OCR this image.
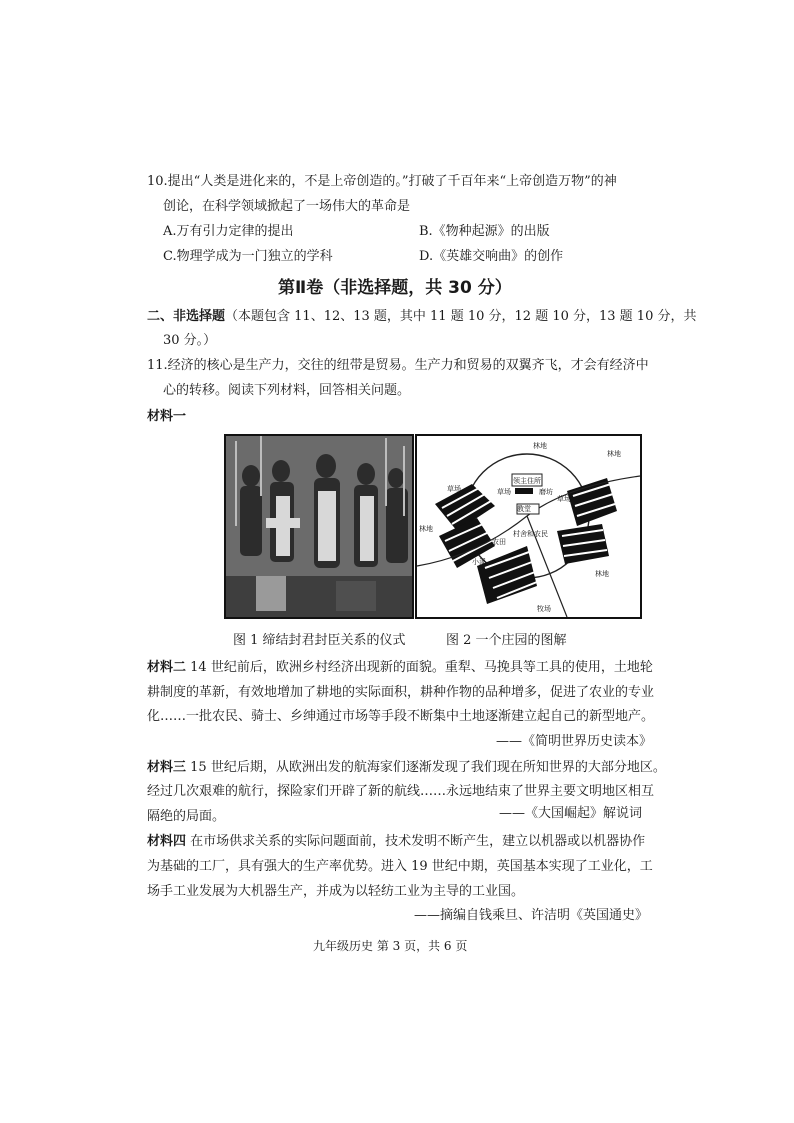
10.提出“人类是进化来的，不是上帝创造的。”打破了千百年来“上帝创造万物”的神
创论，在科学领域掀起了一场伟大的革命是
A.万有引力定律的提出	B.《物种起源》的出版
C.物理学成为一门独立的学科	D.《英雄交响曲》的创作
第Ⅱ卷（非选择题，共 30 分）
二、非选择题（本题包含 11、12、13 题，其中 11 题 10 分，12 题 10 分，13 题 10 分，共
30 分。）
11.经济的核心是生产力，交往的纽带是贸易。生产力和贸易的双翼齐飞，才会有经济中
心的转移。阅读下列材料，回答相关问题。
材料一
林地
林地
林地
林地
领主住所
教堂
草场	草场
草场
磨坊
村舍和农民
小溪
牧场
农田
图 1 缔结封君封臣关系的仪式	图 2 一个庄园的图解
材料二 14 世纪前后，欧洲乡村经济出现新的面貌。重犁、马挽具等工具的使用，土地轮
耕制度的革新，有效地增加了耕地的实际面积，耕种作物的品种增多，促进了农业的专业
化……一批农民、骑士、乡绅通过市场等手段不断集中土地逐渐建立起自己的新型地产。
——《简明世界历史读本》
材料三 15 世纪后期，从欧洲出发的航海家们逐渐发现了我们现在所知世界的大部分地区。
经过几次艰难的航行，探险家们开辟了新的航线……永远地结束了世界主要文明地区相互
隔绝的局面。	——《大国崛起》解说词
材料四 在市场供求关系的实际问题面前，技术发明不断产生，建立以机器或以机器协作
为基础的工厂，具有强大的生产率优势。进入 19 世纪中期，英国基本实现了工业化，工
场手工业发展为大机器生产，并成为以轻纺工业为主导的工业国。
——摘编自钱乘旦、许洁明《英国通史》
九年级历史 第 3 页，共 6 页
